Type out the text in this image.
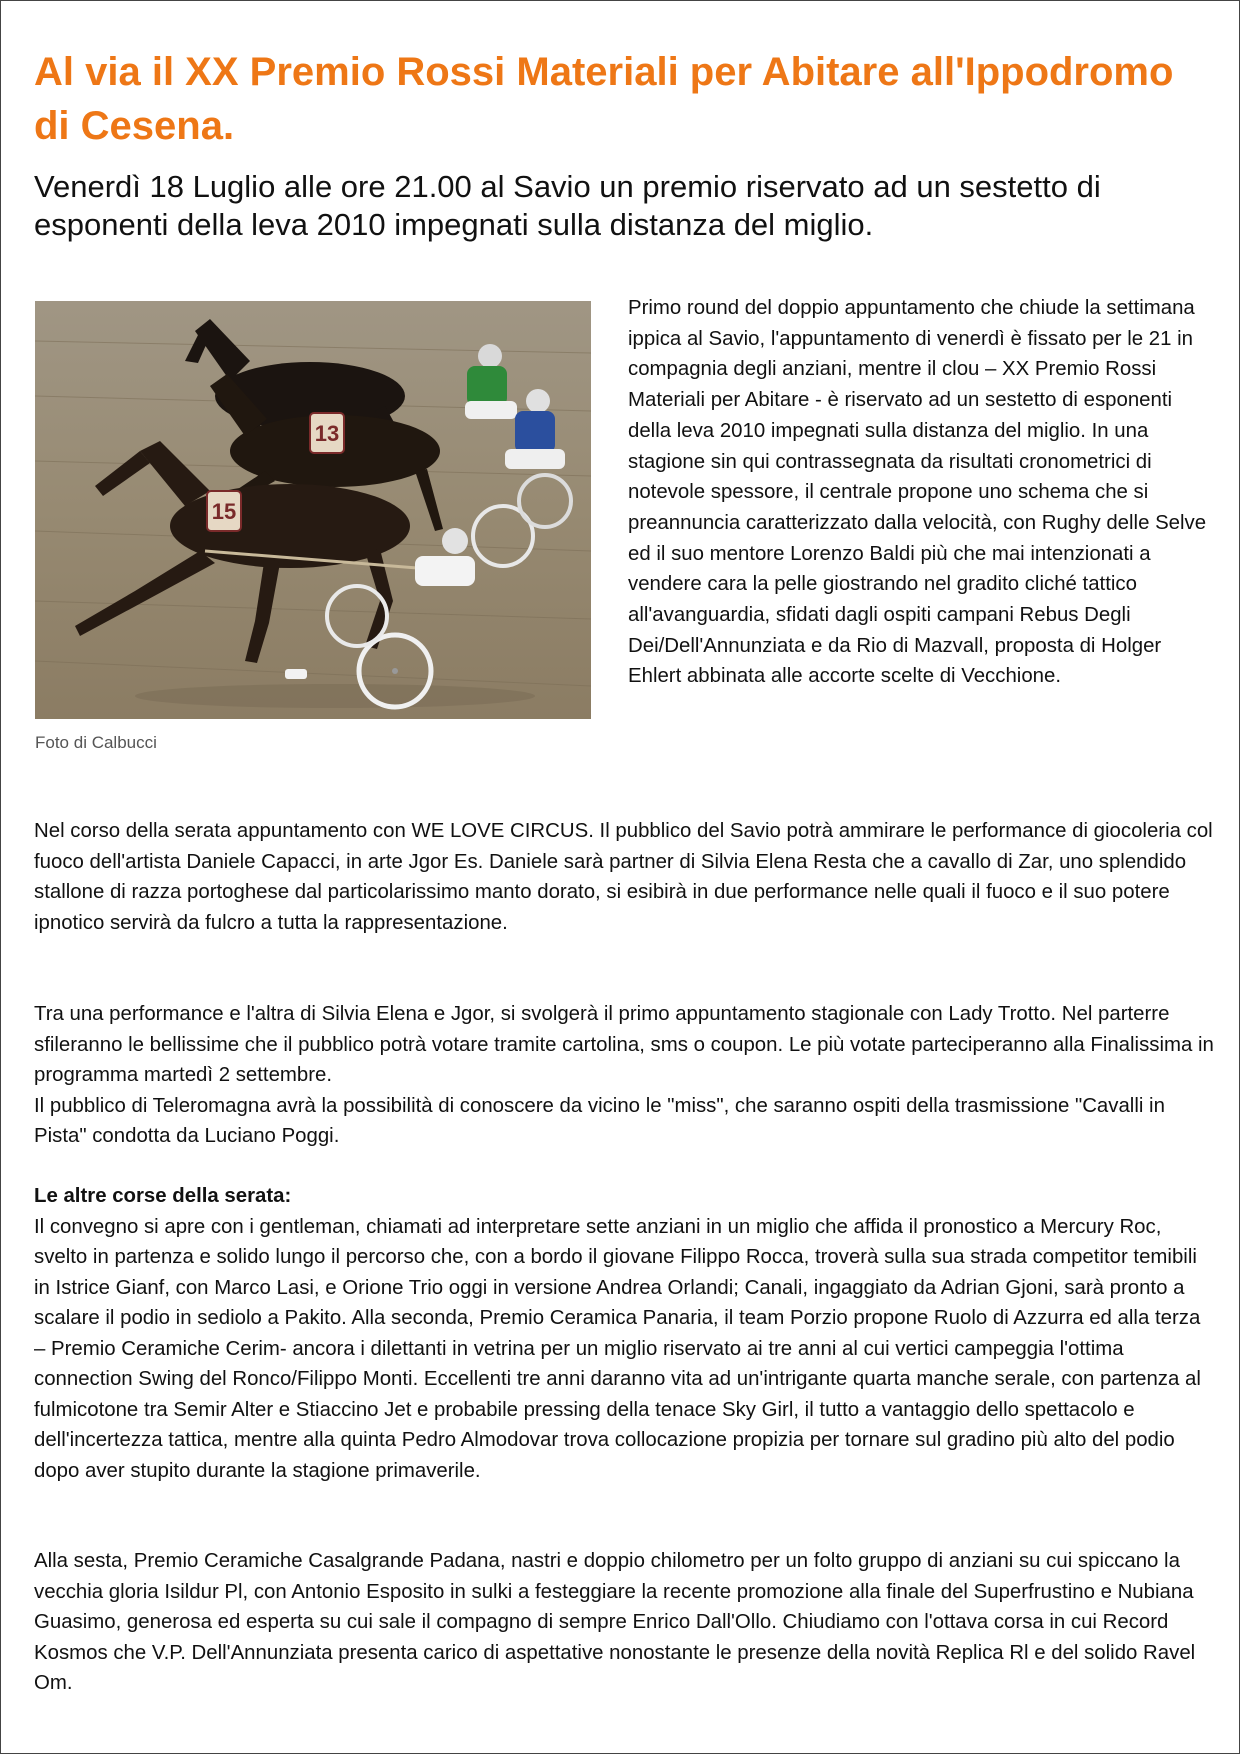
Al via il XX Premio Rossi Materiali per Abitare all'Ippodromo di Cesena.

Venerdì 18 Luglio alle ore 21.00 al Savio un premio riservato ad un sestetto di esponenti della leva 2010 impegnati sulla distanza del miglio.

13
15
Foto di Calbucci

Primo round del doppio appuntamento che chiude la settimana ippica al Savio, l'appuntamento di venerdì è fissato per le 21 in compagnia degli anziani, mentre il clou – XX Premio Rossi Materiali per Abitare - è riservato ad un sestetto di esponenti della leva 2010 impegnati sulla distanza del miglio. In una stagione sin qui contrassegnata da risultati cronometrici di notevole spessore, il centrale propone uno schema che si preannuncia caratterizzato dalla velocità, con Rughy delle Selve ed il suo mentore Lorenzo Baldi più che mai intenzionati a vendere cara la pelle giostrando nel gradito cliché tattico all'avanguardia, sfidati dagli ospiti campani Rebus Degli Dei/Dell'Annunziata e da Rio di Mazvall, proposta di Holger Ehlert abbinata alle accorte scelte di Vecchione.

Nel corso della serata appuntamento con WE LOVE CIRCUS. Il pubblico del Savio potrà ammirare le performance di giocoleria col fuoco dell'artista Daniele Capacci, in arte Jgor Es. Daniele sarà partner di Silvia Elena Resta che a cavallo di Zar, uno splendido stallone di razza portoghese dal particolarissimo manto dorato, si esibirà in due performance nelle quali il fuoco e il suo potere ipnotico servirà da fulcro a tutta la rappresentazione.

Tra una performance e l'altra di Silvia Elena e Jgor, si svolgerà il primo appuntamento stagionale con Lady Trotto. Nel parterre sfileranno le bellissime che il pubblico potrà votare tramite cartolina, sms o coupon. Le più votate parteciperanno alla Finalissima in programma martedì 2 settembre.
Il pubblico di Teleromagna avrà la possibilità di conoscere da vicino le "miss", che saranno ospiti della trasmissione "Cavalli in Pista" condotta da Luciano Poggi.
Le altre corse della serata:
Il convegno si apre con i gentleman, chiamati ad interpretare sette anziani in un miglio che affida il pronostico a Mercury Roc, svelto in partenza e solido lungo il percorso che, con a bordo il giovane Filippo Rocca, troverà sulla sua strada competitor temibili in Istrice Gianf, con Marco Lasi, e Orione Trio oggi in versione Andrea Orlandi; Canali, ingaggiato da Adrian Gjoni, sarà pronto a scalare il podio in sediolo a Pakito. Alla seconda, Premio Ceramica Panaria, il team Porzio propone Ruolo di Azzurra ed alla terza – Premio Ceramiche Cerim- ancora i dilettanti in vetrina per un miglio riservato ai tre anni al cui vertici campeggia l'ottima connection Swing del Ronco/Filippo Monti. Eccellenti tre anni daranno vita ad un'intrigante quarta manche serale, con partenza al fulmicotone tra Semir Alter e Stiaccino Jet e probabile pressing della tenace Sky Girl, il tutto a vantaggio dello spettacolo e dell'incertezza tattica, mentre alla quinta Pedro Almodovar trova collocazione propizia per tornare sul gradino più alto del podio dopo aver stupito durante la stagione primaverile.

Alla sesta, Premio Ceramiche Casalgrande Padana, nastri e doppio chilometro per un folto gruppo di anziani su cui spiccano la vecchia gloria Isildur Pl, con Antonio Esposito in sulki a festeggiare la recente promozione alla finale del Superfrustino e Nubiana Guasimo, generosa ed esperta su cui sale il compagno di sempre Enrico Dall'Ollo. Chiudiamo con l'ottava corsa in cui Record Kosmos che V.P. Dell'Annunziata presenta carico di aspettative nonostante le presenze della novità Replica Rl e del solido Ravel Om.
